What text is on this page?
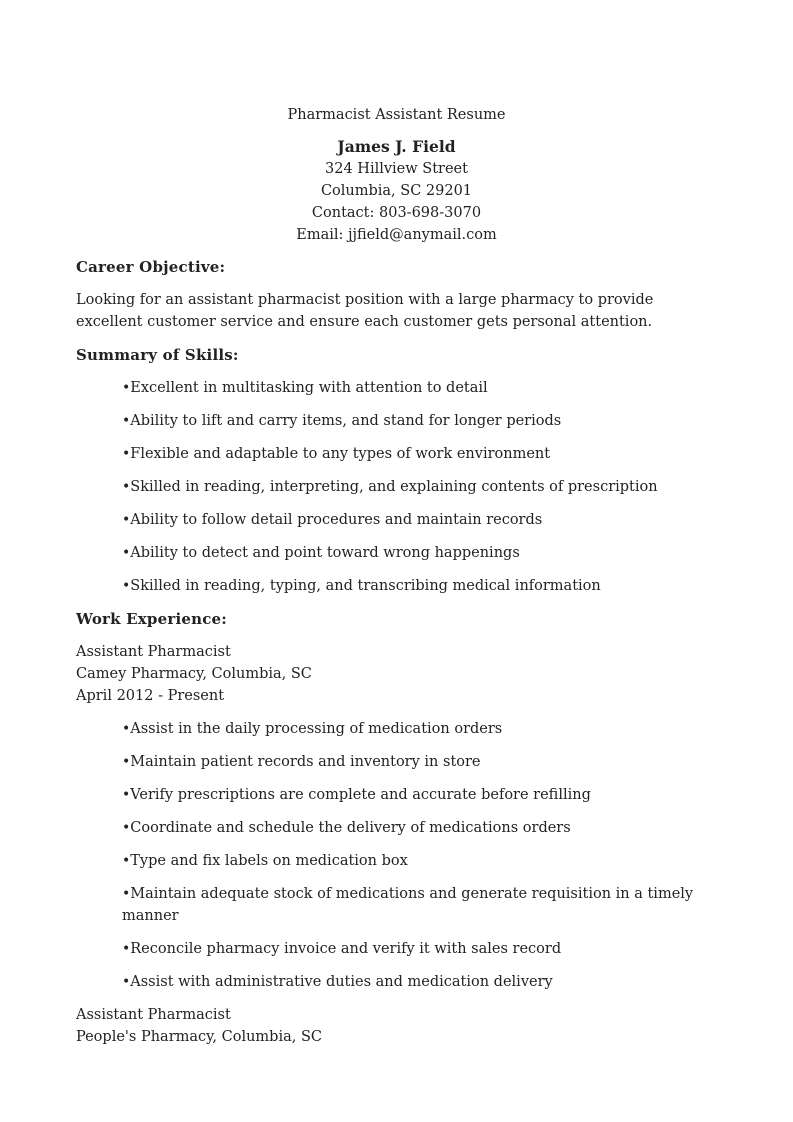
Pharmacist Assistant Resume
James J. Field
324 Hillview Street
Columbia, SC 29201
Contact: 803-698-3070
Email: jjfield@anymail.com
Career Objective:
Looking for an assistant pharmacist position with a large pharmacy to provide excellent customer service and ensure each customer gets personal attention.
Summary of Skills:
•Excellent in multitasking with attention to detail
•Ability to lift and carry items, and stand for longer periods
•Flexible and adaptable to any types of work environment
•Skilled in reading, interpreting, and explaining contents of prescription
•Ability to follow detail procedures and maintain records
•Ability to detect and point toward wrong happenings
•Skilled in reading, typing, and transcribing medical information
Work Experience:
Assistant Pharmacist
Camey Pharmacy, Columbia, SC
April 2012 - Present
•Assist in the daily processing of medication orders
•Maintain patient records and inventory in store
•Verify prescriptions are complete and accurate before refilling
•Coordinate and schedule the delivery of medications orders
•Type and fix labels on medication box
•Maintain adequate stock of medications and generate requisition in a timely manner
•Reconcile pharmacy invoice and verify it with sales record
•Assist with administrative duties and medication delivery
Assistant Pharmacist
People's Pharmacy, Columbia, SC
